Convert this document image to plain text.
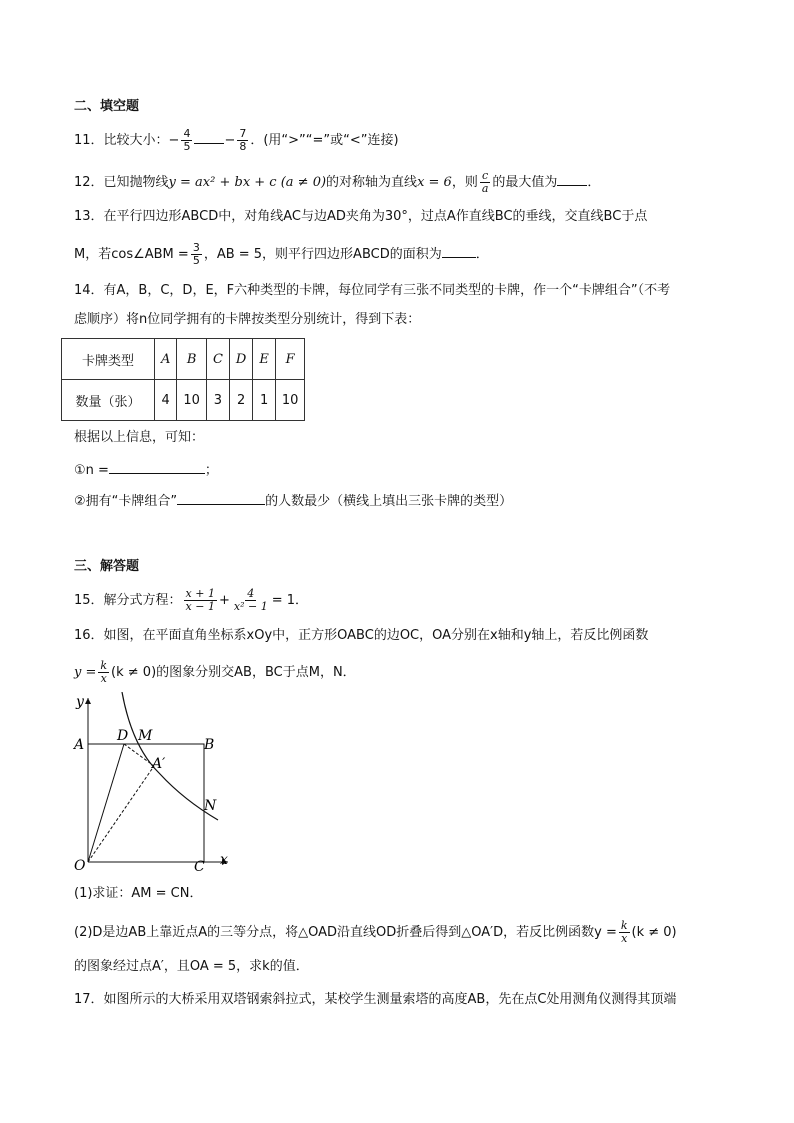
二、填空题
11．比较大小：− $\frac{4}{5} - \frac{7}{8}$ ．(用“>”“=”或“<”连接)
12．已知抛物线y = ax² + bx + c (a ≠ 0)的对称轴为直线x = 6，则 $\frac{c}{a}$ 的最大值为 ．
13．在平行四边形ABCD中，对角线AC与边AD夹角为30°，过点A作直线BC的垂线，交直线BC于点
M，若cos∠ABM = $\frac{3}{5}$ ，AB = 5，则平行四边形ABCD的面积为	．
14．有A，B，C，D，E，F六种类型的卡牌，每位同学有三张不同类型的卡牌，作一个“卡牌组合”（不考
虑顺序）将n位同学拥有的卡牌按类型分别统计，得到下表：
卡牌类型	A	B	C	D	E	F
数量（张）	4	10	3	2	1	10
根据以上信息，可知：
①n =	；
②拥有“卡牌组合”	的人数最少（横线上填出三张卡牌的类型）
三、解答题
15．解分式方程： $\frac{x + 1}{x - 1} + \frac{4}{\text{x² − 1}} = 1$．
16．如图，在平面直角坐标系xOy中，正方形OABC的边OC，OA分别在x轴和y轴上，若反比例函数
$y = \frac{k}{x} (k \ne 0)$的图象分别交AB，BC于点M，N．
y
x
O
A	B
C
D M
A′
N
(1)求证：AM = CN．
(2)D是边AB上靠近点A的三等分点，将△OAD沿直线OD折叠后得到△OA′D，若反比例函数$y = \frac{k}{x} (k \ne 0)$
的图象经过点A′，且OA = 5，求k的值．
17．如图所示的大桥采用双塔钢索斜拉式，某校学生测量索塔的高度AB，先在点C处用测角仪测得其顶端
